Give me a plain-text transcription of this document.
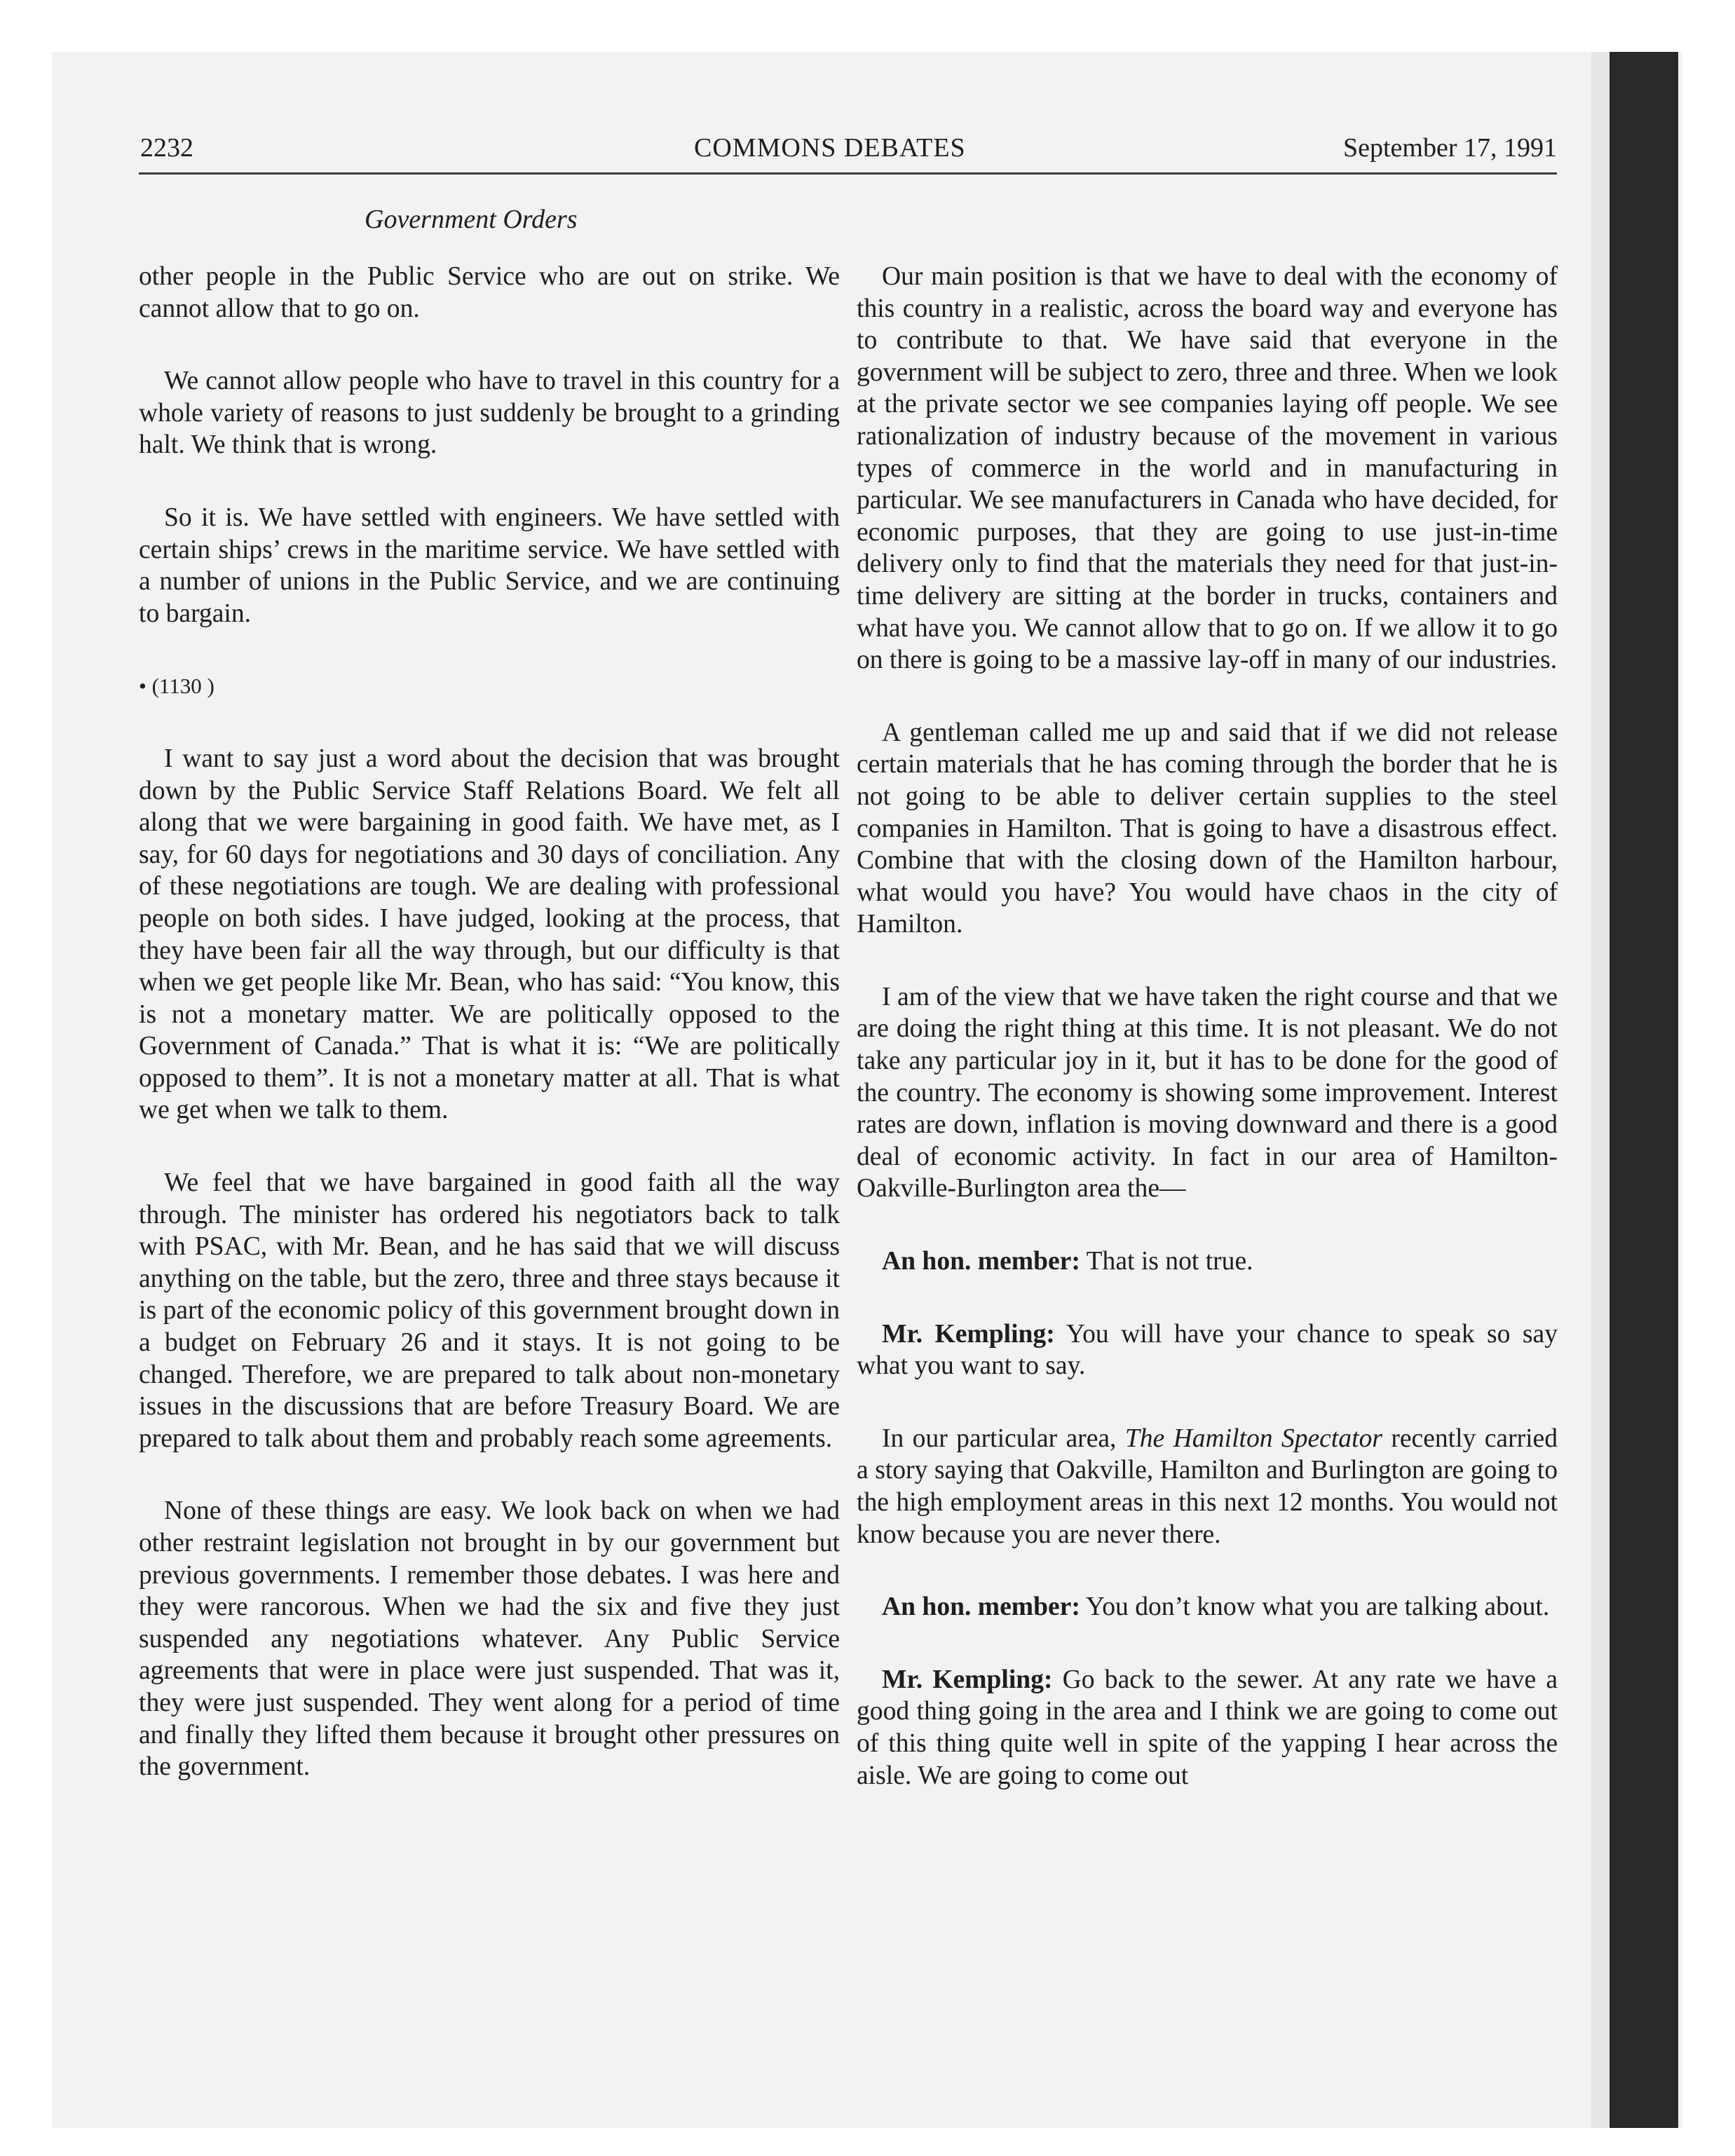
2232	COMMONS DEBATES	September 17, 1991
Government Orders

other people in the Public Service who are out on strike. We cannot allow that to go on.

We cannot allow people who have to travel in this country for a whole variety of reasons to just suddenly be brought to a grinding halt. We think that is wrong.

So it is. We have settled with engineers. We have settled with certain ships’ crews in the maritime service. We have settled with a number of unions in the Public Service, and we are continuing to bargain.

• (1130 )

I want to say just a word about the decision that was brought down by the Public Service Staff Relations Board. We felt all along that we were bargaining in good faith. We have met, as I say, for 60 days for negotiations and 30 days of conciliation. Any of these negotiations are tough. We are dealing with professional people on both sides. I have judged, looking at the process, that they have been fair all the way through, but our difficulty is that when we get people like Mr. Bean, who has said: “You know, this is not a monetary matter. We are politically opposed to the Government of Canada.” That is what it is: “We are politically opposed to them”. It is not a monetary matter at all. That is what we get when we talk to them.

We feel that we have bargained in good faith all the way through. The minister has ordered his negotiators back to talk with PSAC, with Mr. Bean, and he has said that we will discuss anything on the table, but the zero, three and three stays because it is part of the economic policy of this government brought down in a budget on February 26 and it stays. It is not going to be changed. Therefore, we are prepared to talk about non-monetary issues in the discussions that are before Treasury Board. We are prepared to talk about them and probably reach some agreements.

None of these things are easy. We look back on when we had other restraint legislation not brought in by our government but previous governments. I remember those debates. I was here and they were rancorous. When we had the six and five they just suspended any negotiations whatever. Any Public Service agreements that were in place were just suspended. That was it, they were just suspended. They went along for a period of time and finally they lifted them because it brought other pressures on the government.

Our main position is that we have to deal with the economy of this country in a realistic, across the board way and everyone has to contribute to that. We have said that everyone in the government will be subject to zero, three and three. When we look at the private sector we see companies laying off people. We see rationalization of industry because of the movement in various types of commerce in the world and in manufacturing in particular. We see manufacturers in Canada who have decided, for economic purposes, that they are going to use just-in-time delivery only to find that the materials they need for that just-in-time delivery are sitting at the border in trucks, containers and what have you. We cannot allow that to go on. If we allow it to go on there is going to be a massive lay-off in many of our industries.

A gentleman called me up and said that if we did not release certain materials that he has coming through the border that he is not going to be able to deliver certain supplies to the steel companies in Hamilton. That is going to have a disastrous effect. Combine that with the closing down of the Hamilton harbour, what would you have? You would have chaos in the city of Hamilton.

I am of the view that we have taken the right course and that we are doing the right thing at this time. It is not pleasant. We do not take any particular joy in it, but it has to be done for the good of the country. The economy is showing some improvement. Interest rates are down, inflation is moving downward and there is a good deal of economic activity. In fact in our area of Hamilton-Oakville-Burlington area the—

An hon. member: That is not true.

Mr. Kempling: You will have your chance to speak so say what you want to say.

In our particular area, The Hamilton Spectator recently carried a story saying that Oakville, Hamilton and Burlington are going to the high employment areas in this next 12 months. You would not know because you are never there.

An hon. member: You don’t know what you are talking about.

Mr. Kempling: Go back to the sewer. At any rate we have a good thing going in the area and I think we are going to come out of this thing quite well in spite of the yapping I hear across the aisle. We are going to come out
